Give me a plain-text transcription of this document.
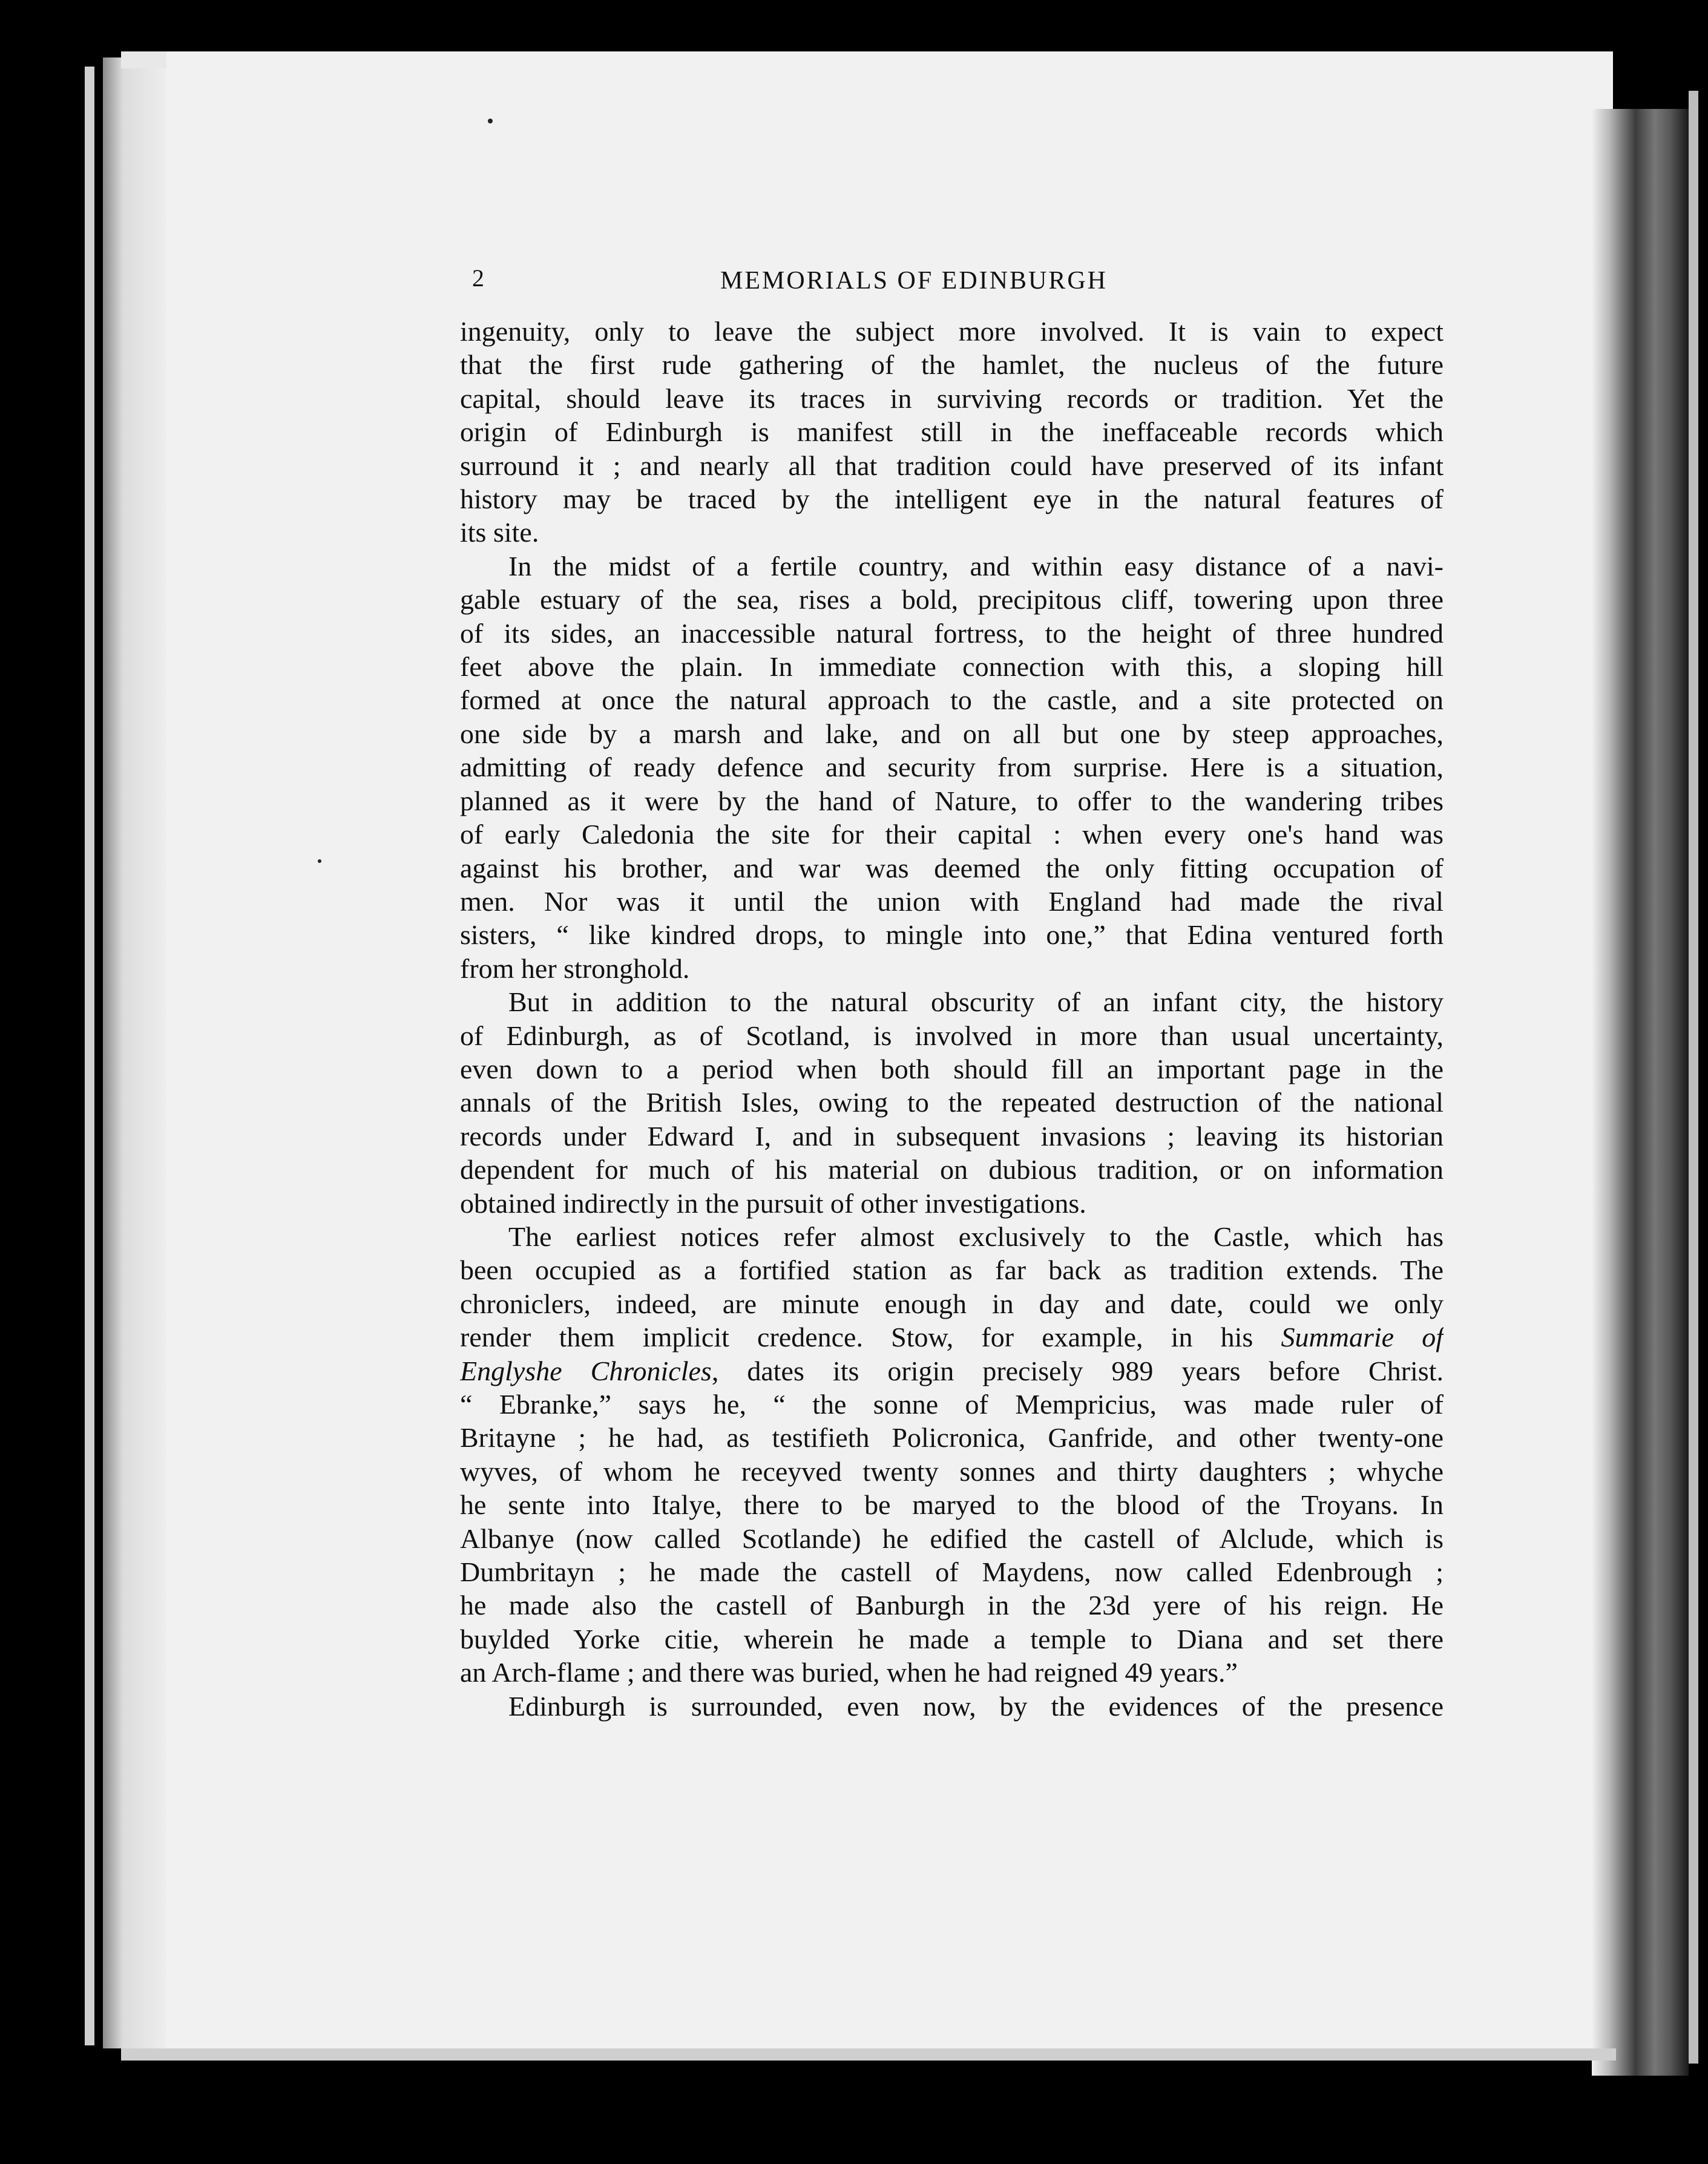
2	MEMORIALS OF EDINBURGH
ingenuity, only to leave the subject more involved. It is vain to expect
that the first rude gathering of the hamlet, the nucleus of the future
capital, should leave its traces in surviving records or tradition. Yet the
origin of Edinburgh is manifest still in the ineffaceable records which
surround it ; and nearly all that tradition could have preserved of its infant
history may be traced by the intelligent eye in the natural features of
its site.
In the midst of a fertile country, and within easy distance of a navi-
gable estuary of the sea, rises a bold, precipitous cliff, towering upon three
of its sides, an inaccessible natural fortress, to the height of three hundred
feet above the plain. In immediate connection with this, a sloping hill
formed at once the natural approach to the castle, and a site protected on
one side by a marsh and lake, and on all but one by steep approaches,
admitting of ready defence and security from surprise. Here is a situation,
planned as it were by the hand of Nature, to offer to the wandering tribes
of early Caledonia the site for their capital : when every one's hand was
against his brother, and war was deemed the only fitting occupation of
men. Nor was it until the union with England had made the rival
sisters, “ like kindred drops, to mingle into one,” that Edina ventured forth
from her stronghold.
But in addition to the natural obscurity of an infant city, the history
of Edinburgh, as of Scotland, is involved in more than usual uncertainty,
even down to a period when both should fill an important page in the
annals of the British Isles, owing to the repeated destruction of the national
records under Edward I, and in subsequent invasions ; leaving its historian
dependent for much of his material on dubious tradition, or on information
obtained indirectly in the pursuit of other investigations.
The earliest notices refer almost exclusively to the Castle, which has
been occupied as a fortified station as far back as tradition extends. The
chroniclers, indeed, are minute enough in day and date, could we only
render them implicit credence. Stow, for example, in his Summarie of
Englyshe Chronicles, dates its origin precisely 989 years before Christ.
“ Ebranke,” says he, “ the sonne of Mempricius, was made ruler of
Britayne ; he had, as testifieth Policronica, Ganfride, and other twenty-one
wyves, of whom he receyved twenty sonnes and thirty daughters ; whyche
he sente into Italye, there to be maryed to the blood of the Troyans. In
Albanye (now called Scotlande) he edified the castell of Alclude, which is
Dumbritayn ; he made the castell of Maydens, now called Edenbrough ;
he made also the castell of Banburgh in the 23d yere of his reign. He
buylded Yorke citie, wherein he made a temple to Diana and set there
an Arch-flame ; and there was buried, when he had reigned 49 years.”
Edinburgh is surrounded, even now, by the evidences of the presence
